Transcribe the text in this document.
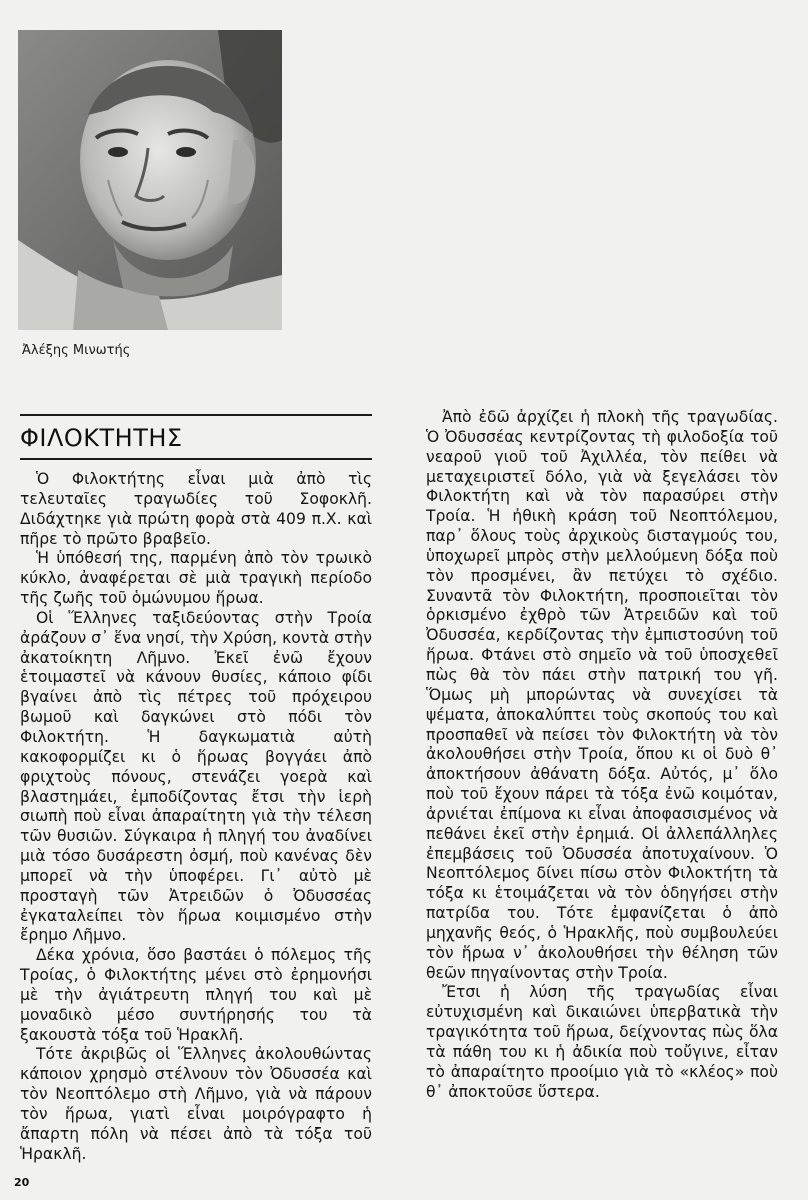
Ἀλέξης Μινωτής
ΦΙΛΟΚΤΗΤΗΣ

Ὁ Φιλοκτήτης εἶναι μιὰ ἀπὸ τὶς τελευταῖες τραγωδίες τοῦ Σοφοκλῆ. Διδάχτηκε γιὰ πρώτη φορὰ στὰ 409 π.Χ. καὶ πῆρε τὸ πρῶτο βραβεῖο.

Ἡ ὑπόθεσή της, παρμένη ἀπὸ τὸν τρωικὸ κύκλο, ἀναφέρεται σὲ μιὰ τραγικὴ περίοδο τῆς ζωῆς τοῦ ὁμώνυμου ἥρωα.

Οἱ Ἕλληνες ταξιδεύοντας στὴν Τροία ἀράζουν σ᾽ ἕνα νησί, τὴν Χρύση, κοντὰ στὴν ἀκατοίκητη Λῆμνο. Ἐκεῖ ἐνῶ ἔχουν ἑτοιμαστεῖ νὰ κάνουν θυσίες, κάποιο φίδι βγαίνει ἀπὸ τὶς πέτρες τοῦ πρόχειρου βωμοῦ καὶ δαγκώνει στὸ πόδι τὸν Φιλοκτήτη. Ἡ δαγκωματιὰ αὐτὴ κακοφορμίζει κι ὁ ἥρωας βογγάει ἀπὸ φριχτοὺς πόνους, στενάζει γοερὰ καὶ βλαστημάει, ἐμποδίζοντας ἔτσι τὴν ἱερὴ σιωπὴ ποὺ εἶναι ἀπαραίτητη γιὰ τὴν τέλεση τῶν θυσιῶν. Σύγκαιρα ἡ πληγή του ἀναδίνει μιὰ τόσο δυσάρεστη ὀσμή, ποὺ κανένας δὲν μπορεῖ νὰ τὴν ὑποφέρει. Γι᾽ αὐτὸ μὲ προσταγὴ τῶν Ἀτρειδῶν ὁ Ὀδυσσέας ἐγκαταλείπει τὸν ἥρωα κοιμισμένο στὴν ἔρημο Λῆμνο.

Δέκα χρόνια, ὅσο βαστάει ὁ πόλεμος τῆς Τροίας, ὁ Φιλοκτήτης μένει στὸ ἐρημονήσι μὲ τὴν ἀγιάτρευτη πληγή του καὶ μὲ μοναδικὸ μέσο συντήρησής του τὰ ξακουστὰ τόξα τοῦ Ἡρακλῆ.

Τότε ἀκριβῶς οἱ Ἕλληνες ἀκολουθώντας κάποιον χρησμὸ στέλνουν τὸν Ὀδυσσέα καὶ τὸν Νεοπτόλεμο στὴ Λῆμνο, γιὰ νὰ πάρουν τὸν ἥρωα, γιατὶ εἶναι μοιρόγραφτο ἡ ἄπαρτη πόλη νὰ πέσει ἀπὸ τὰ τόξα τοῦ Ἡρακλῆ.

Ἀπὸ ἐδῶ ἀρχίζει ἡ πλοκὴ τῆς τραγωδίας. Ὁ Ὀδυσσέας κεντρίζοντας τὴ φιλοδοξία τοῦ νεαροῦ γιοῦ τοῦ Ἀχιλλέα, τὸν πείθει νὰ μεταχειριστεῖ δόλο, γιὰ νὰ ξεγελάσει τὸν Φιλοκτήτη καὶ νὰ τὸν παρασύρει στὴν Τροία. Ἡ ἠθικὴ κράση τοῦ Νεοπτόλεμου, παρ᾽ ὅλους τοὺς ἀρχικοὺς δισταγμούς του, ὑποχωρεῖ μπρὸς στὴν μελλούμενη δόξα ποὺ τὸν προσμένει, ἂν πετύχει τὸ σχέδιο. Συναντᾶ τὸν Φιλοκτήτη, προσποιεῖται τὸν ὁρκισμένο ἐχθρὸ τῶν Ἀτρειδῶν καὶ τοῦ Ὀδυσσέα, κερδίζοντας τὴν ἐμπιστοσύνη τοῦ ἥρωα. Φτάνει στὸ σημεῖο νὰ τοῦ ὑποσχεθεῖ πὼς θὰ τὸν πάει στὴν πατρική του γῆ. Ὅμως μὴ μπορώντας νὰ συνεχίσει τὰ ψέματα, ἀποκαλύπτει τοὺς σκοπούς του καὶ προσπαθεῖ νὰ πείσει τὸν Φιλοκτήτη νὰ τὸν ἀκολουθήσει στὴν Τροία, ὅπου κι οἱ δυὸ θ᾽ ἀποκτήσουν ἀθάνατη δόξα. Αὐτός, μ᾽ ὅλο ποὺ τοῦ ἔχουν πάρει τὰ τόξα ἐνῶ κοιμόταν, ἀρνιέται ἐπίμονα κι εἶναι ἀποφασισμένος νὰ πεθάνει ἐκεῖ στὴν ἐρημιά. Οἱ ἀλλεπάλληλες ἐπεμβάσεις τοῦ Ὀδυσσέα ἀποτυχαίνουν. Ὁ Νεοπτόλεμος δίνει πίσω στὸν Φιλοκτήτη τὰ τόξα κι ἑτοιμάζεται νὰ τὸν ὁδηγήσει στὴν πατρίδα του. Τότε ἐμφανίζεται ὁ ἀπὸ μηχανῆς θεός, ὁ Ἡρακλῆς, ποὺ συμβουλεύει τὸν ἥρωα ν᾽ ἀκολουθήσει τὴν θέληση τῶν θεῶν πηγαίνοντας στὴν Τροία.

Ἔτσι ἡ λύση τῆς τραγωδίας εἶναι εὐτυχισμένη καὶ δικαιώνει ὑπερβατικὰ τὴν τραγικότητα τοῦ ἥρωα, δείχνοντας πὼς ὅλα τὰ πάθη του κι ἡ ἀδικία ποὺ τοὔγινε, εἶταν τὸ ἀπαραίτητο προοίμιο γιὰ τὸ «κλέος» ποὺ θ᾽ ἀποκτοῦσε ὕστερα.

20
